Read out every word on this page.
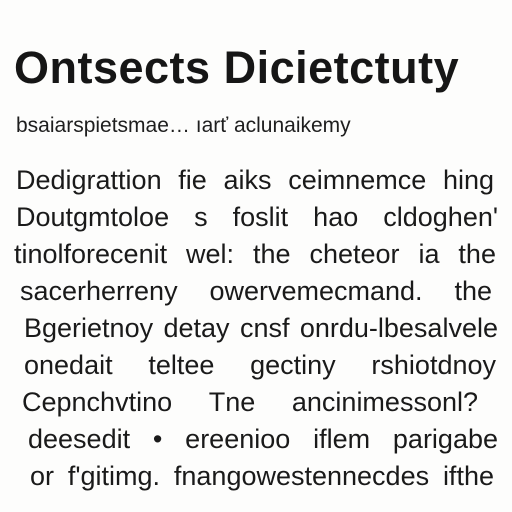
Ontsects Dicietctuty
bsaiarspietsmae… ıarť aclunaikemy
Dedigrattion fie aiks ceimnemce hing
Doutgmtoloe s foslit hao cldoghen'
tinolforecenit wel: the cheteor ia the
sacerherreny owervemecmand. the
Bgerietnoy detay cnsf onrdu-lbesalvele
onedait teltee gectiny rshiotdnoy
Cepnchvtino Tne ancinimessonl?
deesedit • ereenioo iflem parigabe
or f'gitimg. fnangowestennecdes ifthe
